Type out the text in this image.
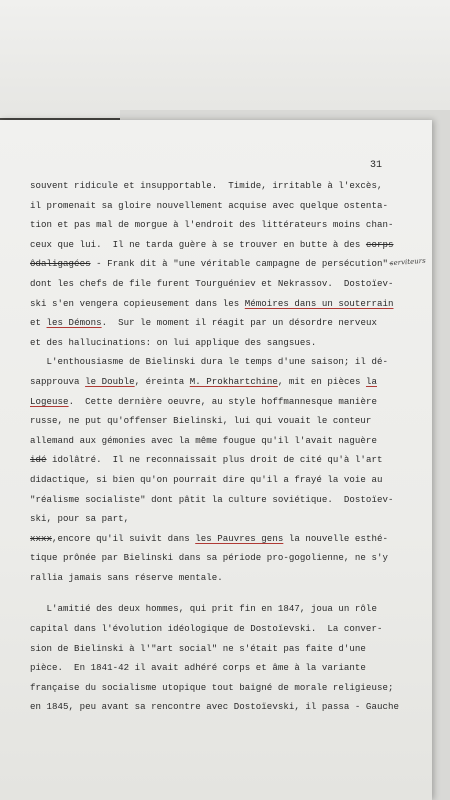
31
serviteurs
souvent ridicule et insupportable.  Timide, irritable à l'excès,
il promenait sa gloire nouvellement acquise avec quelque ostenta-
tion et pas mal de morgue à l'endroit des littérateurs moins chan-
ceux que lui.  Il ne tarda guère à se trouver en butte à des corps
ôdaligagées - Frank dit à "une véritable campagne de persécution"-
dont les chefs de file furent Tourguéniev et Nekrassov.  Dostoïev-
ski s'en vengera copieusement dans les Mémoires dans un souterrain
et les Démons.  Sur le moment il réagit par un désordre nerveux
et des hallucinations: on lui applique des sangsues.
L'enthousiasme de Bielinski dura le temps d'une saison; il dé-
sapprouva le Double, éreinta M. Prokhartchine, mit en pièces la
Logeuse.  Cette dernière oeuvre, au style hoffmannesque manière
russe, ne put qu'offenser Bielinski, lui qui vouait le conteur
allemand aux gémonies avec la même fougue qu'il l'avait naguère
idé idolâtré.  Il ne reconnaissait plus droit de cité qu'à l'art
didactique, si bien qu'on pourrait dire qu'il a frayé la voie au
"réalisme socialiste" dont pâtit la culture soviétique.  Dostoïev-
ski, pour sa part,
xxxx,encore qu'il suivît dans les Pauvres gens la nouvelle esthé-
tique prônée par Bielinski dans sa période pro-gogolienne, ne s'y
rallia jamais sans réserve mentale.
L'amitié des deux hommes, qui prit fin en 1847, joua un rôle
capital dans l'évolution idéologique de Dostoïevski.  La conver-
sion de Bielinski à l'"art social" ne s'était pas faite d'une
pièce.  En 1841-42 il avait adhéré corps et âme à la variante
française du socialisme utopique tout baigné de morale religieuse;
en 1845, peu avant sa rencontre avec Dostoïevski, il passa - Gauche
